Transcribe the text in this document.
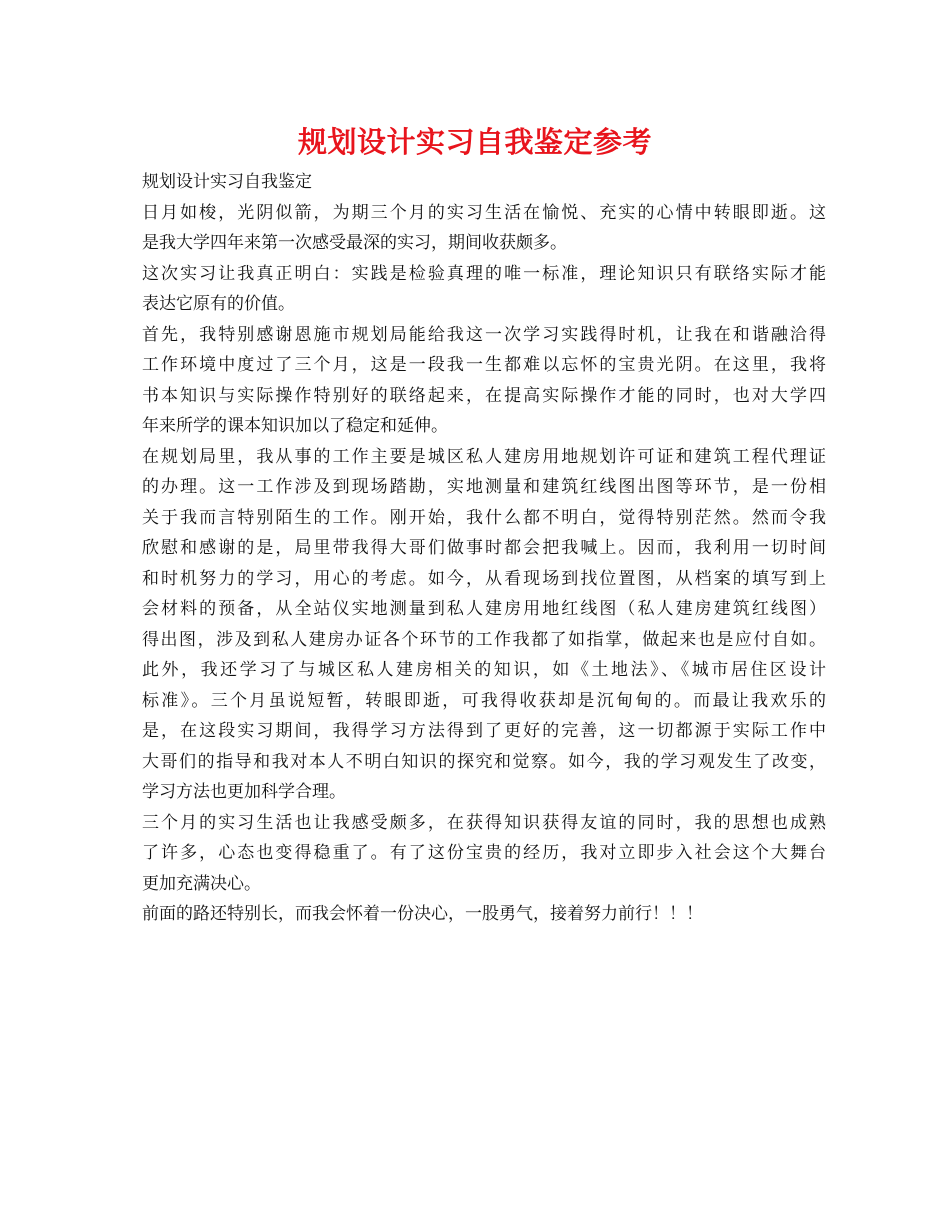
规划设计实习自我鉴定参考
规划设计实习自我鉴定
日月如梭，光阴似箭，为期三个月的实习生活在愉悦、充实的心情中转眼即逝。这
是我大学四年来第一次感受最深的实习，期间收获颇多。
这次实习让我真正明白：实践是检验真理的唯一标准，理论知识只有联络实际才能
表达它原有的价值。
首先，我特别感谢恩施市规划局能给我这一次学习实践得时机，让我在和谐融洽得
工作环境中度过了三个月，这是一段我一生都难以忘怀的宝贵光阴。在这里，我将
书本知识与实际操作特别好的联络起来，在提高实际操作才能的同时，也对大学四
年来所学的课本知识加以了稳定和延伸。
在规划局里，我从事的工作主要是城区私人建房用地规划许可证和建筑工程代理证
的办理。这一工作涉及到现场踏勘，实地测量和建筑红线图出图等环节，是一份相
关于我而言特别陌生的工作。刚开始，我什么都不明白，觉得特别茫然。然而令我
欣慰和感谢的是，局里带我得大哥们做事时都会把我喊上。因而，我利用一切时间
和时机努力的学习，用心的考虑。如今，从看现场到找位置图，从档案的填写到上
会材料的预备，从全站仪实地测量到私人建房用地红线图（私人建房建筑红线图）
得出图，涉及到私人建房办证各个环节的工作我都了如指掌，做起来也是应付自如。
此外，我还学习了与城区私人建房相关的知识，如《土地法》、《城市居住区设计
标准》。三个月虽说短暂，转眼即逝，可我得收获却是沉甸甸的。而最让我欢乐的
是，在这段实习期间，我得学习方法得到了更好的完善，这一切都源于实际工作中
大哥们的指导和我对本人不明白知识的探究和觉察。如今，我的学习观发生了改变，
学习方法也更加科学合理。
三个月的实习生活也让我感受颇多，在获得知识获得友谊的同时，我的思想也成熟
了许多，心态也变得稳重了。有了这份宝贵的经历，我对立即步入社会这个大舞台
更加充满决心。
前面的路还特别长，而我会怀着一份决心，一股勇气，接着努力前行！！！
